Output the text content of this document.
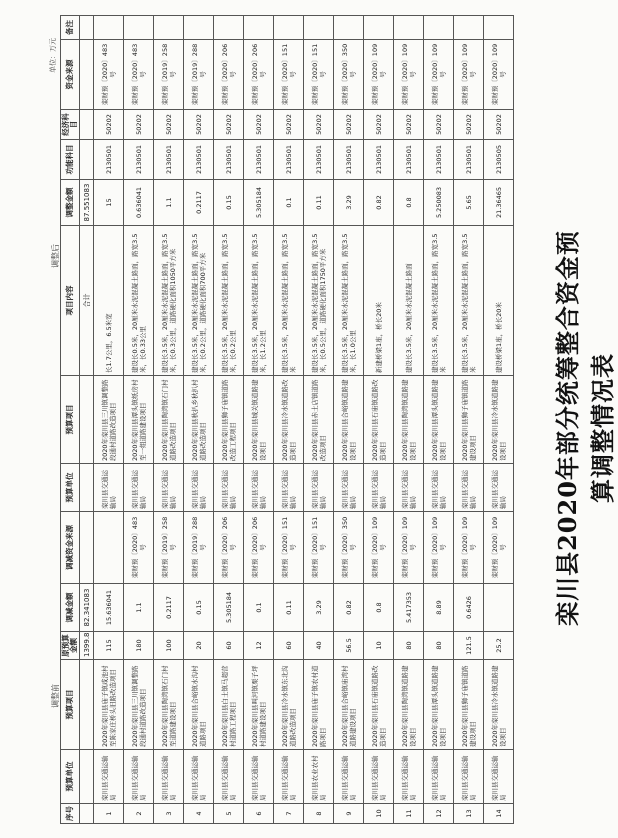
栾川县2020年部分统筹整合资金预算调整情况表
单位：万元
调整前
调整后
序号	预算单位	预算项目	原预算金额	调减金额	调减资金来源	预算单位	预算项目	项目内容	调整金额	功能科目	经济科目	资金来源	备注
			1399.8	82.341083				合计	87.551083				
1	栾川县交通运输局	2020年栾川县庙子镇咸池村至陈家庄桥头旧路改造项目	115	15.636041		栾川县交通运输局	2020年栾川县三川镇调整路段通村道路改造项目	长1.7公里，6.5米宽	15	2130501	50202	栾财预〔2020〕483号	
2	栾川县交通运输局	2020年栾川县三川镇调整路段通村道路改造项目	180	1.1	栾财预〔2020〕483号	栾川县交通运输局	2020年栾川县潭头镇纸房村至一组道路建设项目	建设长0.5米，20厘米水泥混凝土路面，路宽3.5米，长0.33公里	0.636041	2130501	50202	栾财预〔2020〕483号	
3	栾川县交通运输局	2020年栾川县陶湾镇石门村至道路建设项目	100	0.2117	栾财预〔2019〕258号	栾川县交通运输局	2020年栾川县陶湾镇石门村道路改造项目	建设长3.5米，20厘米水泥混凝土路面，路宽3.5米，长0.3公里，道路硬化面积1050平方米	1.1	2130501	50202	栾财预〔2019〕258号	
4	栾川县交通运输局	2020年栾川县合峪镇水沟村道路项目	20	0.15	栾财预〔2019〕288号	栾川县交通运输局	2020年栾川县秋扒乡秋扒村道路改造项目	建设长3.5米，20厘米水泥混凝土路面，路宽3.5米，长0.2公里，道路硬化面积700平方米	0.2117	2130501	50202	栾财预〔2019〕288号	
5	栾川县交通运输局	2020年栾川县白土镇马超营村道路工程项目	60	5.305184	栾财预〔2020〕206号	栾川县交通运输局	2020年栾川县狮子庙镇道路改造工程项目	建设长3.5米，20厘米水泥混凝土路面，路宽3.5米，长0.2公里	0.15	2130501	50202	栾财预〔2020〕206号	
6	栾川县交通运输局	2020年栾川县叫河镇栗子坪村道路建设项目	12	0.1	栾财预〔2020〕206号	栾川县交通运输局	2020年栾川县城关镇道路建设项目	建设长3.5米，20厘米水泥混凝土路面，路宽3.5米，长1.2公里	5.305184	2130501	50202	栾财预〔2020〕206号	
7	栾川县交通运输局	2020年栾川县冷水镇东北沟道路改造项目	60	0.11	栾财预〔2020〕151号	栾川县交通运输局	2020年栾川县冷水镇道路改造项目	建设长3.5米，20厘米水泥混凝土路面，路宽3.5米	0.1	2130501	50202	栾财预〔2020〕151号	
8	栾川县农业农村局	2020年栾川县庙子镇农村道路项目	40	3.29	栾财预〔2020〕151号	栾川县交通运输局	2020年栾川县赤土店镇道路改造项目	建设长3.5米，20厘米水泥混凝土路面，路宽3.5米，长0.5公里，道路硬化面积1750平方米	0.11	2130501	50202	栾财预〔2020〕151号	
9	栾川县交通运输局	2020年栾川县合峪镇庙湾村道路建设项目	56.5	0.82	栾财预〔2020〕350号	栾川县交通运输局	2020年栾川县合峪镇道路建设项目	建设长3.5米，20厘米水泥混凝土路面，路宽3.5米，长1.0公里	3.29	2130501	50202	栾财预〔2020〕350号	
10	栾川县交通运输局	2020年栾川县石庙镇道路改造项目	10	0.8	栾财预〔2020〕109号	栾川县交通运输局	2020年栾川县石庙镇道路改造项目	新建桥梁1座，桥长20米	0.82	2130501	50202	栾财预〔2020〕109号	
11	栾川县交通运输局	2020年栾川县陶湾镇道路建设项目	80	5.417353	栾财预〔2020〕109号	栾川县交通运输局	2020年栾川县陶湾镇道路建设项目	建设长3.5米，20厘米水泥混凝土路面	0.8	2130501	50202	栾财预〔2020〕109号	
12	栾川县交通运输局	2020年栾川县潭头镇道路建设项目	80	8.89	栾财预〔2020〕109号	栾川县交通运输局	2020年栾川县潭头镇道路建设项目	建设长3.5米，20厘米水泥混凝土路面，路宽3.5米	5.250083	2130501	50202	栾财预〔2020〕109号	
13	栾川县交通运输局	2020年栾川县狮子庙镇道路建设项目	121.5	0.6426	栾财预〔2020〕109号	栾川县交通运输局	2020年栾川县狮子庙镇道路建设项目	建设长3.5米，20厘米水泥混凝土路面，路宽3.5米	5.65	2130501	50202	栾财预〔2020〕109号	
14	栾川县交通运输局	2020年栾川县冷水镇道路建设项目	25.2		栾财预〔2020〕109号	栾川县交通运输局	2020年栾川县冷水镇道路建设项目	建设桥梁1座，桥长20米	21.36465	2130505	50202	栾财预〔2020〕109号	
